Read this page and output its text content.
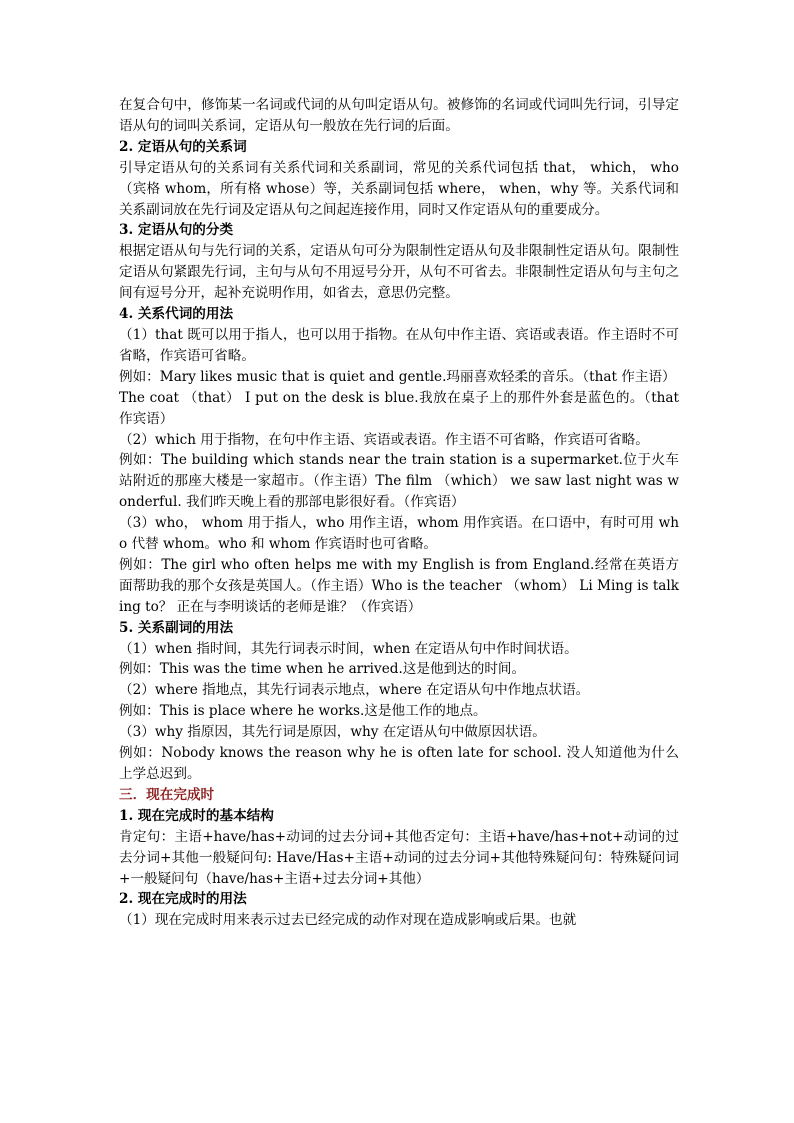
在复合句中，修饰某一名词或代词的从句叫定语从句。被修饰的名词或代词叫先行词，引导定语从句的词叫关系词，定语从句一般放在先行词的后面。

2. 定语从句的关系词

引导定语从句的关系词有关系代词和关系副词，常见的关系代词包括 that， which， who（宾格 whom，所有格 whose）等，关系副词包括 where， when，why 等。关系代词和关系副词放在先行词及定语从句之间起连接作用，同时又作定语从句的重要成分。

3. 定语从句的分类

根据定语从句与先行词的关系，定语从句可分为限制性定语从句及非限制性定语从句。限制性定语从句紧跟先行词，主句与从句不用逗号分开，从句不可省去。非限制性定语从句与主句之间有逗号分开，起补充说明作用，如省去，意思仍完整。

4. 关系代词的用法

（1）that 既可以用于指人，也可以用于指物。在从句中作主语、宾语或表语。作主语时不可省略，作宾语可省略。

例如：Mary likes music that is quiet and gentle.玛丽喜欢轻柔的音乐。（that 作主语）

The coat （that） I put on the desk is blue.我放在桌子上的那件外套是蓝色的。（that 作宾语）

（2）which 用于指物，在句中作主语、宾语或表语。作主语不可省略，作宾语可省略。

例如：The building which stands near the train station is a supermarket.位于火车站附近的那座大楼是一家超市。（作主语）The film （which） we saw last night was wonderful. 我们昨天晚上看的那部电影很好看。（作宾语）

（3）who， whom 用于指人，who 用作主语，whom 用作宾语。在口语中，有时可用 who 代替 whom。who 和 whom 作宾语时也可省略。

例如：The girl who often helps me with my English is from England.经常在英语方面帮助我的那个女孩是英国人。（作主语）Who is the teacher （whom） Li Ming is talking to？ 正在与李明谈话的老师是谁？（作宾语）

5. 关系副词的用法

（1）when 指时间，其先行词表示时间，when 在定语从句中作时间状语。

例如：This was the time when he arrived.这是他到达的时间。

（2）where 指地点，其先行词表示地点，where 在定语从句中作地点状语。

例如：This is place where he works.这是他工作的地点。

（3）why 指原因，其先行词是原因，why 在定语从句中做原因状语。

例如：Nobody knows the reason why he is often late for school. 没人知道他为什么上学总迟到。

三．现在完成时

1. 现在完成时的基本结构

肯定句：主语+have/has+动词的过去分词+其他否定句：主语+have/has+not+动词的过去分词+其他一般疑问句: Have/Has+主语+动词的过去分词+其他特殊疑问句：特殊疑问词+一般疑问句（have/has+主语+过去分词+其他）

2. 现在完成时的用法

（1）现在完成时用来表示过去已经完成的动作对现在造成影响或后果。也就
